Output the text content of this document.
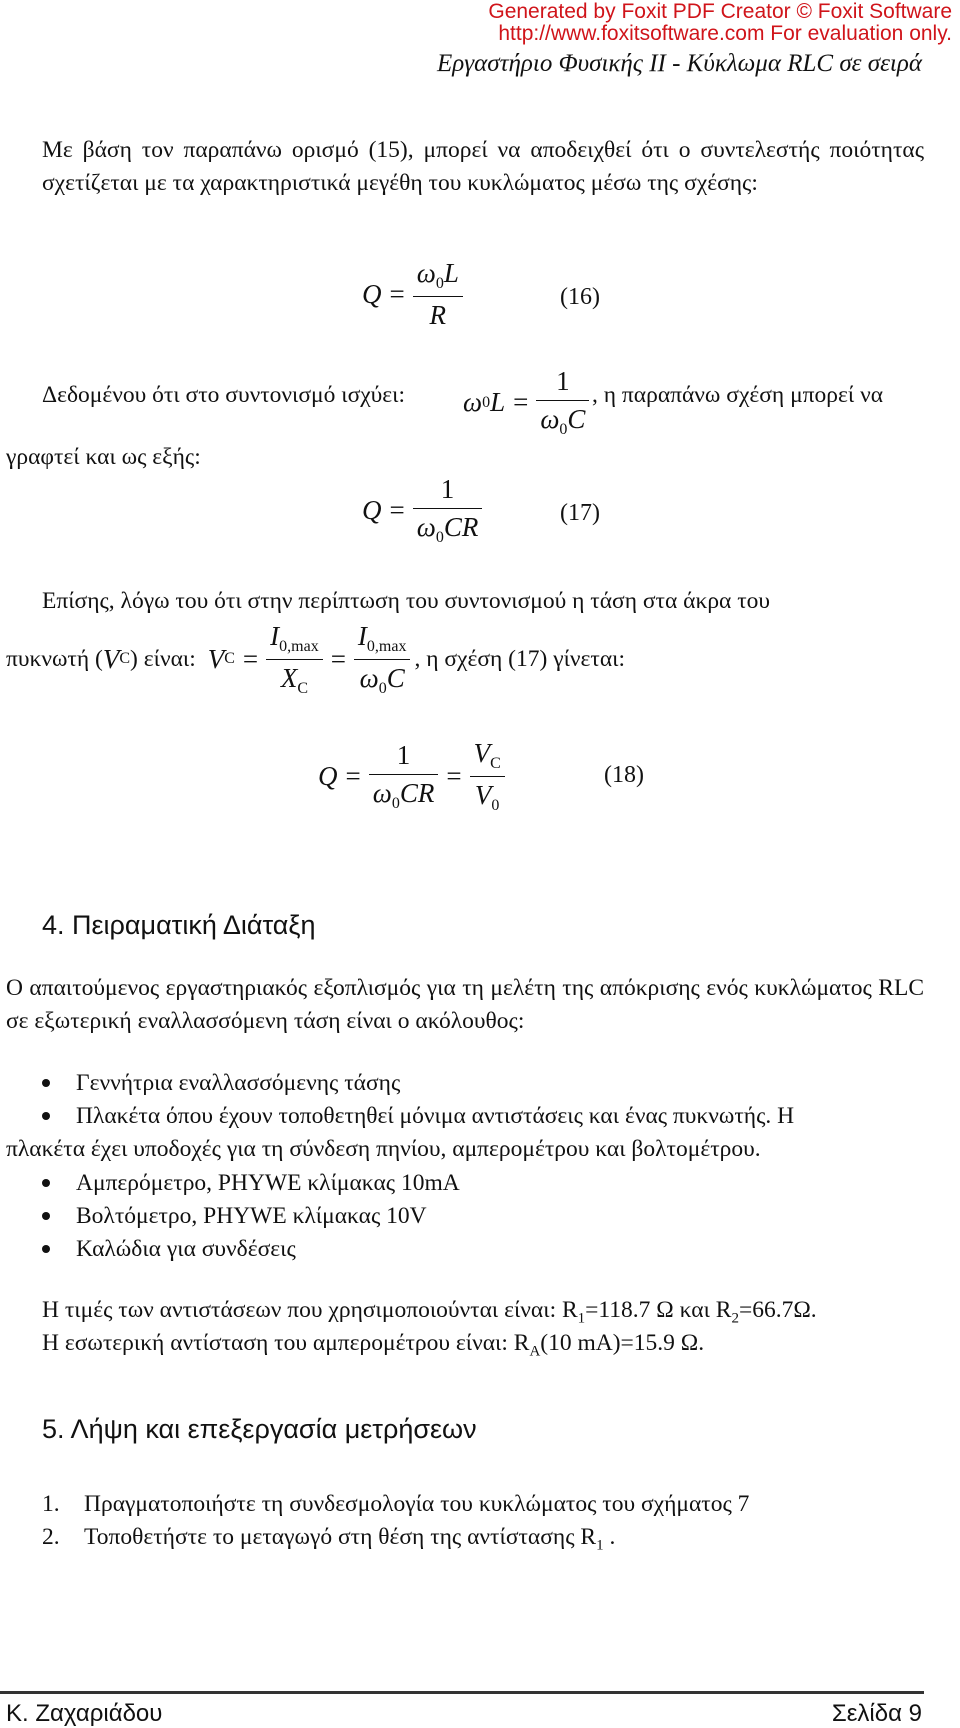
Generated by Foxit PDF Creator © Foxit Software
http://www.foxitsoftware.com For evaluation only.
Εργαστήριο Φυσικής ΙΙ - Κύκλωμα RLC σε σειρά
Με βάση τον παραπάνω ορισμό (15), μπορεί να αποδειχθεί ότι ο συντελεστής ποιότητας σχετίζεται με τα χαρακτηριστικά μεγέθη του κυκλώματος μέσω της σχέσης:
$Q = \frac{\omega_0L}{R}$	(16)
Δεδομένου ότι στο συντονισμό ισχύει: ω 0 $L = \frac{1}{\omega_0C}$ , η παραπάνω σχέση μπορεί να
γραφτεί και ως εξής:
$Q = \frac{1}{\omega_0CR}$	(17)
Επίσης, λόγω του ότι στην περίπτωση του συντονισμού η τάση στα άκρα του
πυκνωτή ( V C ) είναι: V $C = \frac{I_{0,max}}{X_C} = \frac{I_{0,max}}{\omega_0C}$ , η σχέση (17) γίνεται:
$Q = \frac{1}{\omega_0CR} = \frac{V_C}{V_0}$	(18)
4. Πειραματική Διάταξη
Ο απαιτούμενος εργαστηριακός εξοπλισμός για τη μελέτη της απόκρισης ενός κυκλώματος RLC σε εξωτερική εναλλασσόμενη τάση είναι ο ακόλουθος:
Γεννήτρια εναλλασσόμενης τάσης
Πλακέτα όπου έχουν τοποθετηθεί μόνιμα αντιστάσεις και ένας πυκνωτής. Η
πλακέτα έχει υποδοχές για τη σύνδεση πηνίου, αμπερομέτρου και βολτομέτρου.
Αμπερόμετρο, PHYWE κλίμακας 10mA
Βολτόμετρο, PHYWE κλίμακας 10V
Καλώδια για συνδέσεις
Η τιμές των αντιστάσεων που χρησιμοποιούνται είναι: $R_1=118.7$ Ω και $R_2=66.7\Omega$.
Η εσωτερική αντίσταση του αμπερομέτρου είναι: $R_A(10$ mA)=15.9 Ω.
5. Λήψη και επεξεργασία μετρήσεων
1. Πραγματοποιήστε τη συνδεσμολογία του κυκλώματος του σχήματος 7
2. Τοποθετήστε το μεταγωγό στη θέση της αντίστασης $R_1$ .
Κ. Ζαχαριάδου	Σελίδα 9
